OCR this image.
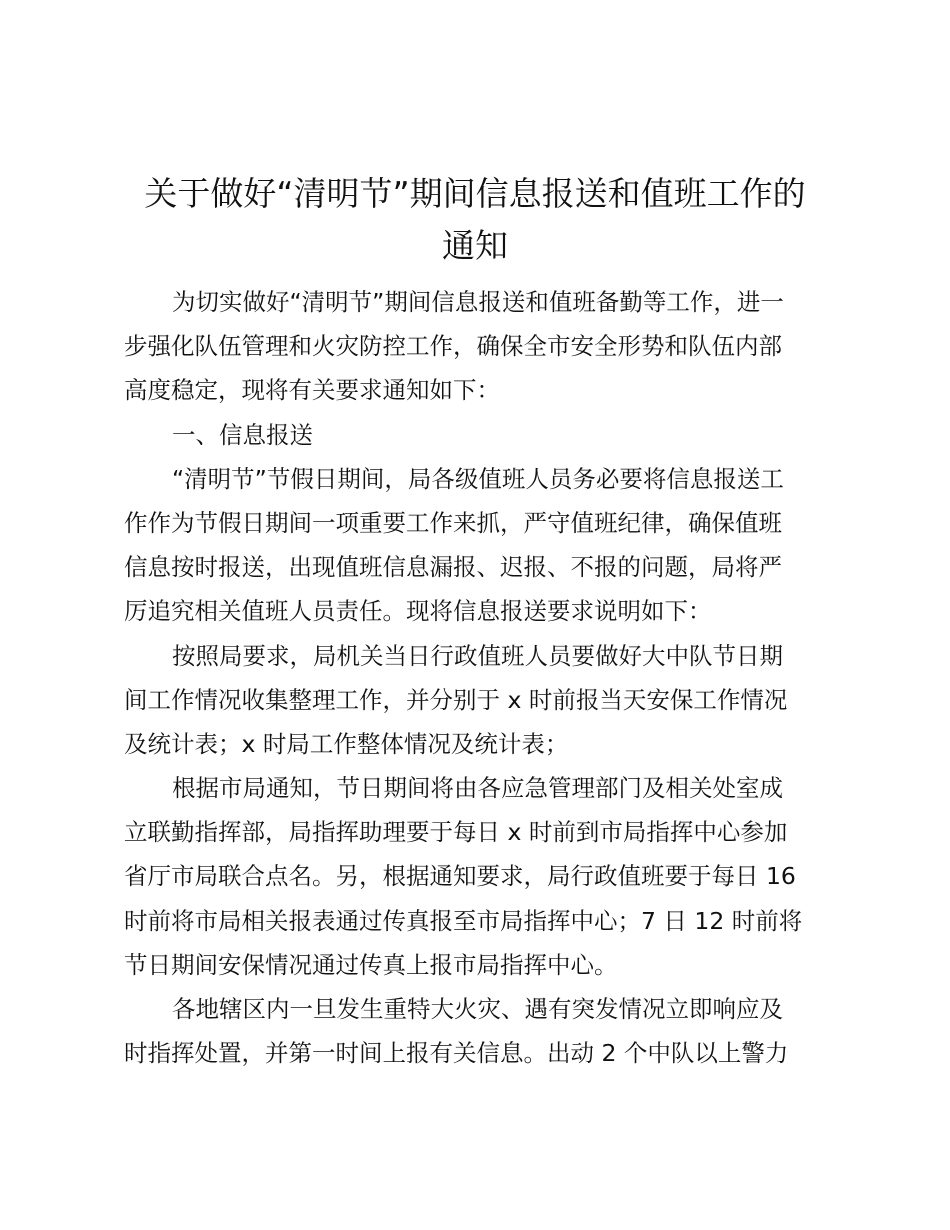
关于做好“清明节”期间信息报送和值班工作的
通知
为切实做好“清明节”期间信息报送和值班备勤等工作，进一
步强化队伍管理和火灾防控工作，确保全市安全形势和队伍内部
高度稳定，现将有关要求通知如下：
一、信息报送
“清明节”节假日期间，局各级值班人员务必要将信息报送工
作作为节假日期间一项重要工作来抓，严守值班纪律，确保值班
信息按时报送，出现值班信息漏报、迟报、不报的问题，局将严
厉追究相关值班人员责任。现将信息报送要求说明如下：
按照局要求，局机关当日行政值班人员要做好大中队节日期
间工作情况收集整理工作，并分别于 x 时前报当天安保工作情况
及统计表；x 时局工作整体情况及统计表；
根据市局通知，节日期间将由各应急管理部门及相关处室成
立联勤指挥部，局指挥助理要于每日 x 时前到市局指挥中心参加
省厅市局联合点名。另，根据通知要求，局行政值班要于每日 16
时前将市局相关报表通过传真报至市局指挥中心；7 日 12 时前将
节日期间安保情况通过传真上报市局指挥中心。
各地辖区内一旦发生重特大火灾、遇有突发情况立即响应及
时指挥处置，并第一时间上报有关信息。出动 2 个中队以上警力
